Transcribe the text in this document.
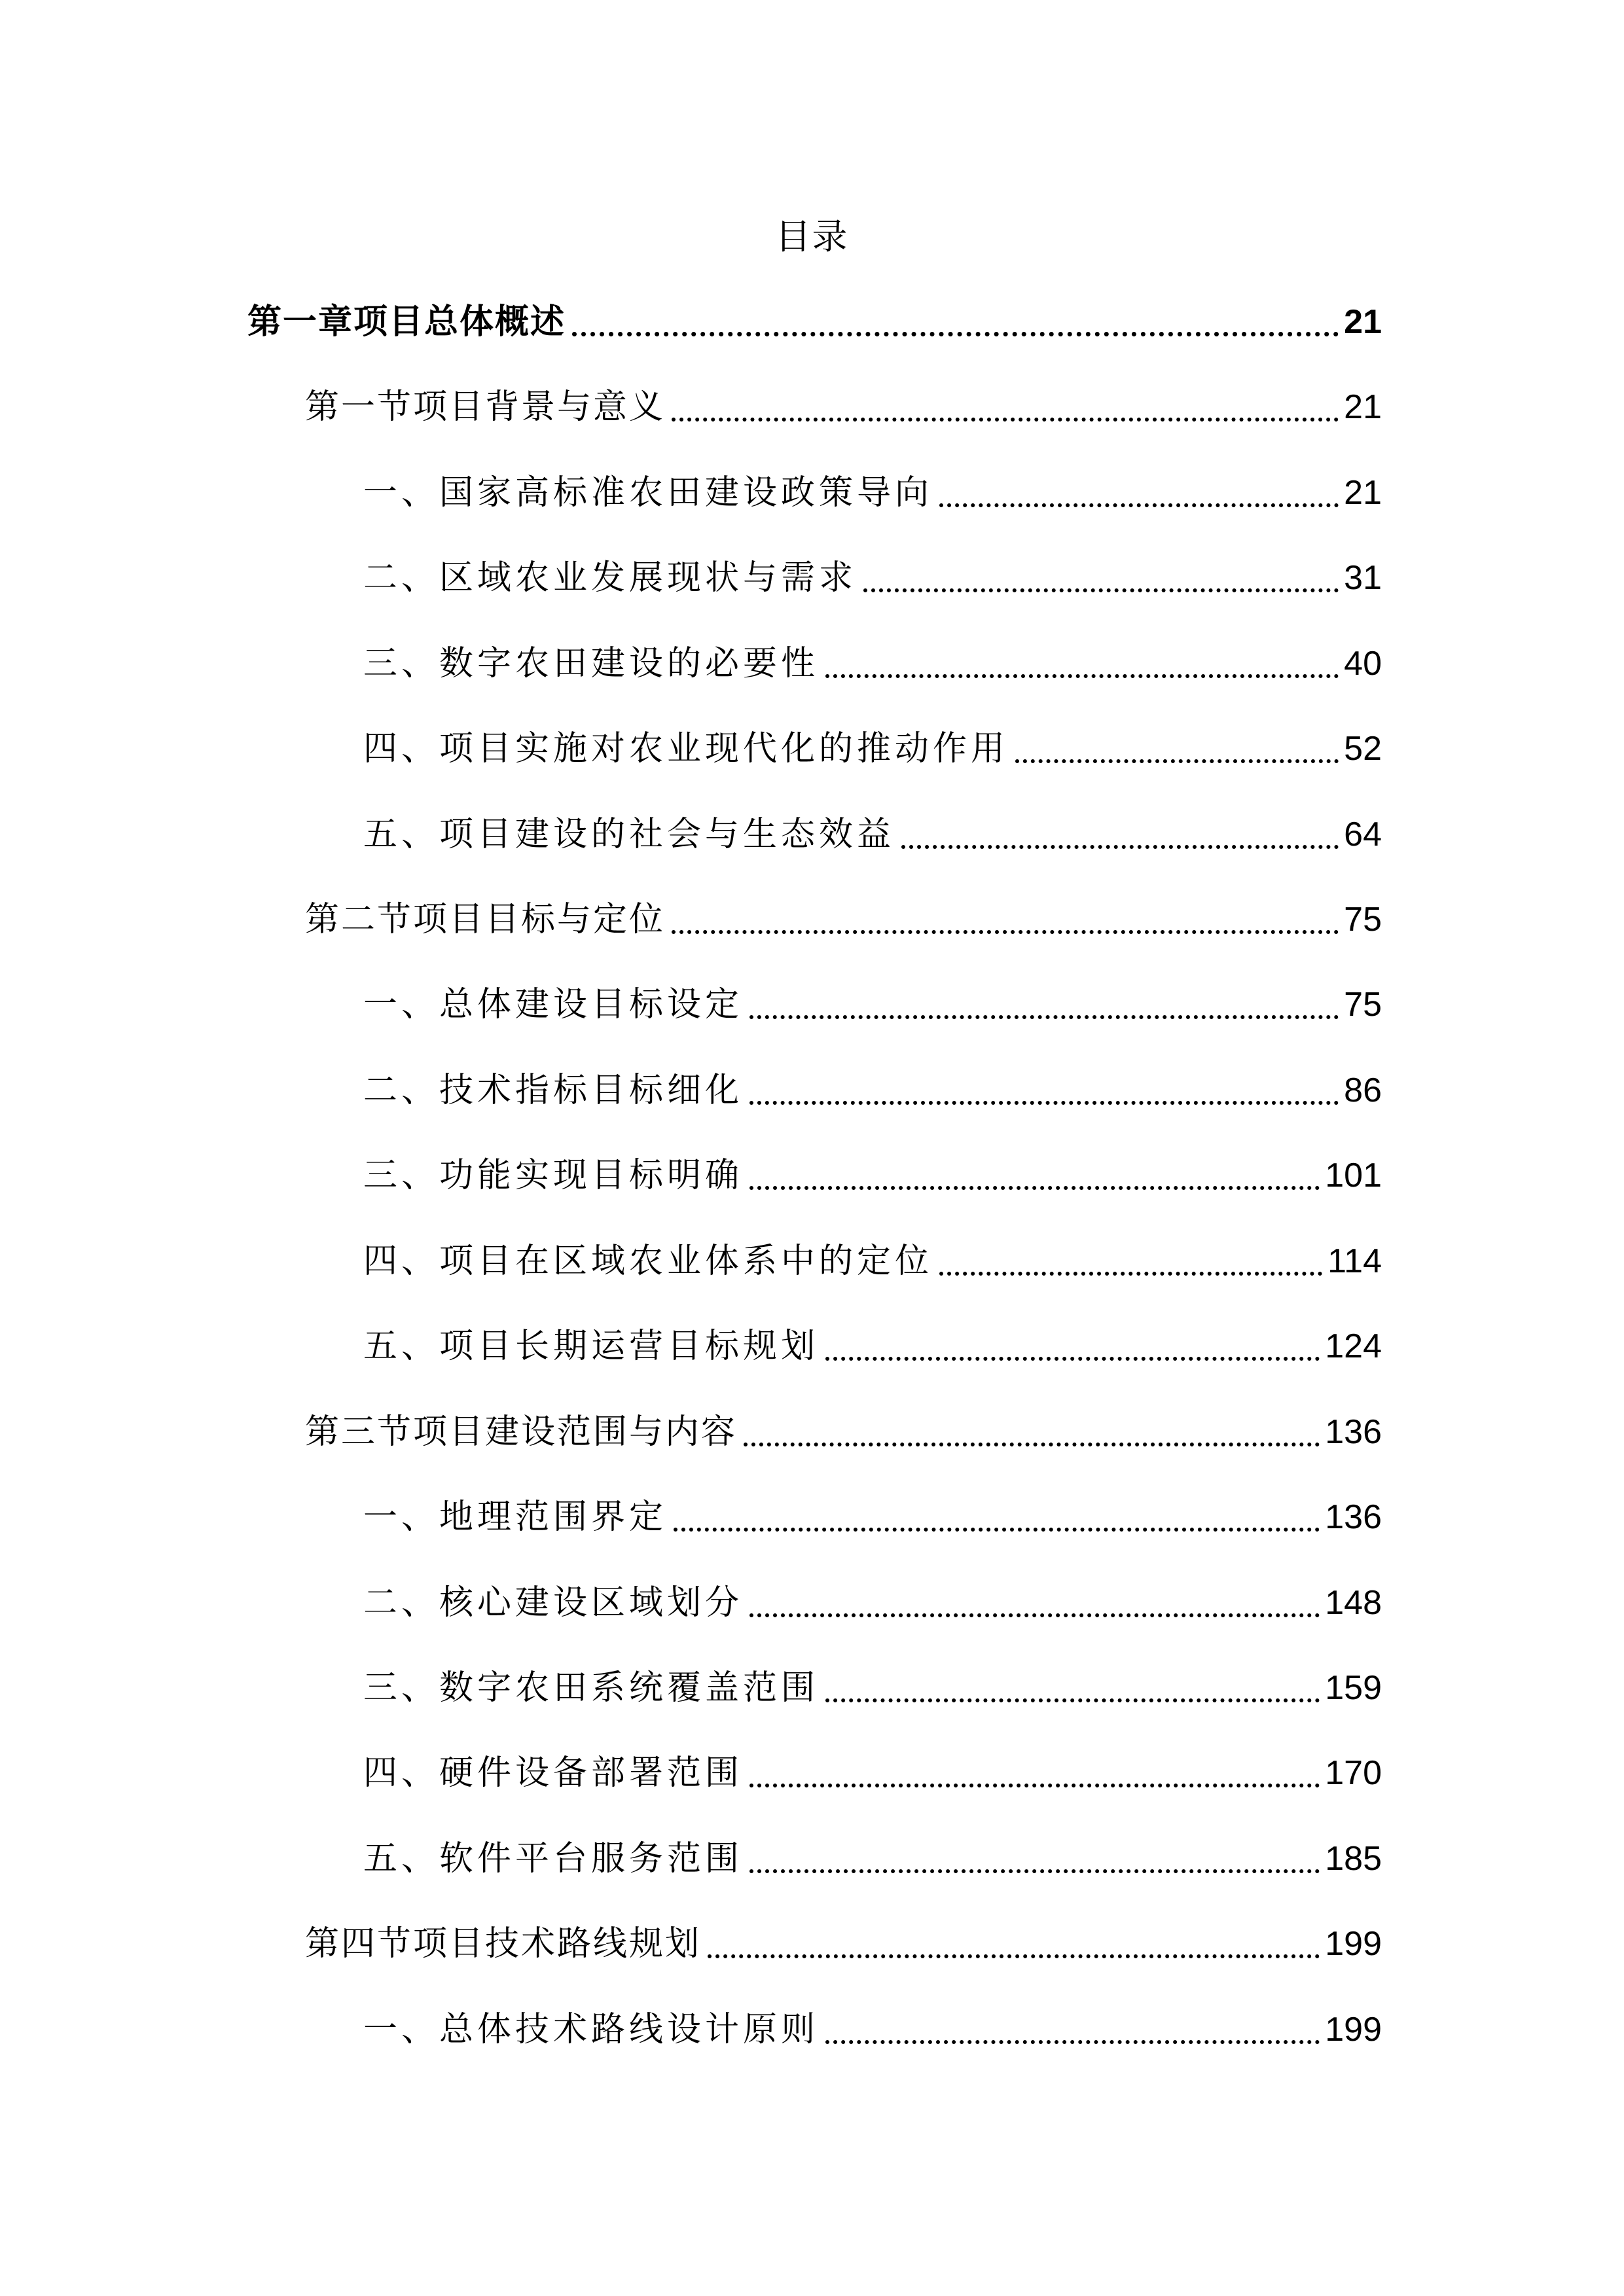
目录
第一章项目总体概述	21
第一节项目背景与意义	21
一、国家高标准农田建设政策导向	21
二、区域农业发展现状与需求	31
三、数字农田建设的必要性	40
四、项目实施对农业现代化的推动作用	52
五、项目建设的社会与生态效益	64
第二节项目目标与定位	75
一、总体建设目标设定	75
二、技术指标目标细化	86
三、功能实现目标明确	101
四、项目在区域农业体系中的定位	114
五、项目长期运营目标规划	124
第三节项目建设范围与内容	136
一、地理范围界定	136
二、核心建设区域划分	148
三、数字农田系统覆盖范围	159
四、硬件设备部署范围	170
五、软件平台服务范围	185
第四节项目技术路线规划	199
一、总体技术路线设计原则	199
